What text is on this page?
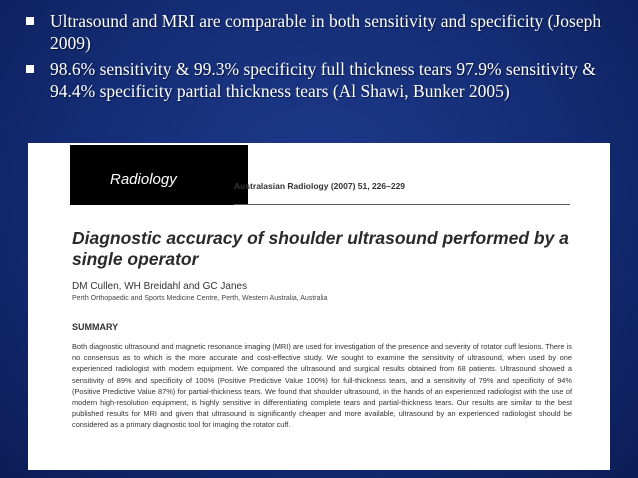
Ultrasound and MRI are comparable in both sensitivity and specificity (Joseph 2009)
98.6% sensitivity & 99.3% specificity full thickness tears 97.9% sensitivity & 94.4% specificity partial thickness tears (Al Shawi, Bunker 2005)
Radiology	Australasian Radiology (2007) 51, 226–229
Diagnostic accuracy of shoulder ultrasound performed by a single operator
DM Cullen, WH Breidahl and GC Janes
Perth Orthopaedic and Sports Medicine Centre, Perth, Western Australia, Australia
SUMMARY

Both diagnostic ultrasound and magnetic resonance imaging (MRI) are used for investigation of the presence and severity of rotator cuff lesions. There is no consensus as to which is the more accurate and cost-effective study. We sought to examine the sensitivity of ultrasound, when used by one experienced radiologist with modern equipment. We compared the ultrasound and surgical results obtained from 68 patients. Ultrasound showed a sensitivity of 89% and specificity of 100% (Positive Predictive Value 100%) for full-thickness tears, and a sensitivity of 79% and specificity of 94% (Positive Predictive Value 87%) for partial-thickness tears. We found that shoulder ultrasound, in the hands of an experienced radiologist with the use of modern high-resolution equipment, is highly sensitive in differentiating complete tears and partial-thickness tears. Our results are similar to the best published results for MRI and given that ultrasound is significantly cheaper and more available, ultrasound by an experienced radiologist should be considered as a primary diagnostic tool for imaging the rotator cuff.
